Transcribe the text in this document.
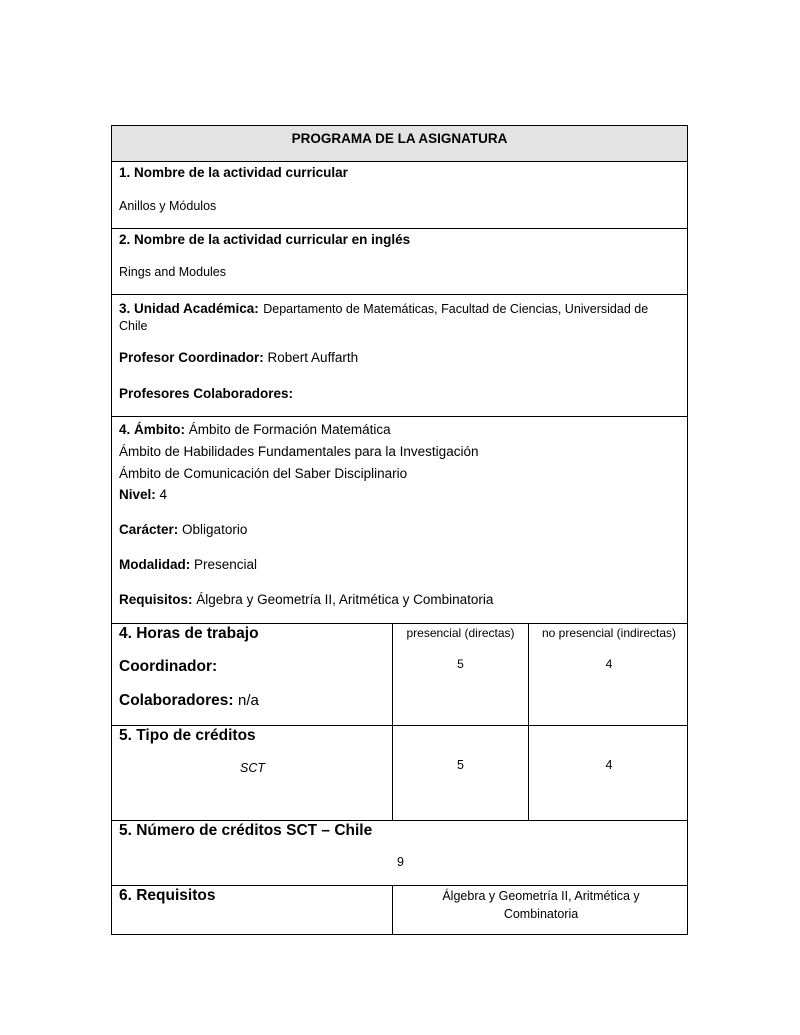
PROGRAMA DE LA ASIGNATURA
1. Nombre de la actividad curricular
Anillos y Módulos
2. Nombre de la actividad curricular en inglés
Rings and Modules
3. Unidad Académica: Departamento de Matemáticas, Facultad de Ciencias, Universidad de
Chile
Profesor Coordinador: Robert Auffarth
Profesores Colaboradores:
4. Ámbito: Ámbito de Formación Matemática
Ámbito de Habilidades Fundamentales para la Investigación
Ámbito de Comunicación del Saber Disciplinario
Nivel: 4
Carácter: Obligatorio
Modalidad: Presencial
Requisitos: Álgebra y Geometría II, Aritmética y Combinatoria
4. Horas de trabajo
Coordinador:
Colaboradores: n/a
presencial (directas)	no presencial (indirectas)
5	4
5. Tipo de créditos
SCT	5	4
5. Número de créditos SCT – Chile
9
6. Requisitos	Álgebra y Geometría II, Aritmética y
Combinatoria
